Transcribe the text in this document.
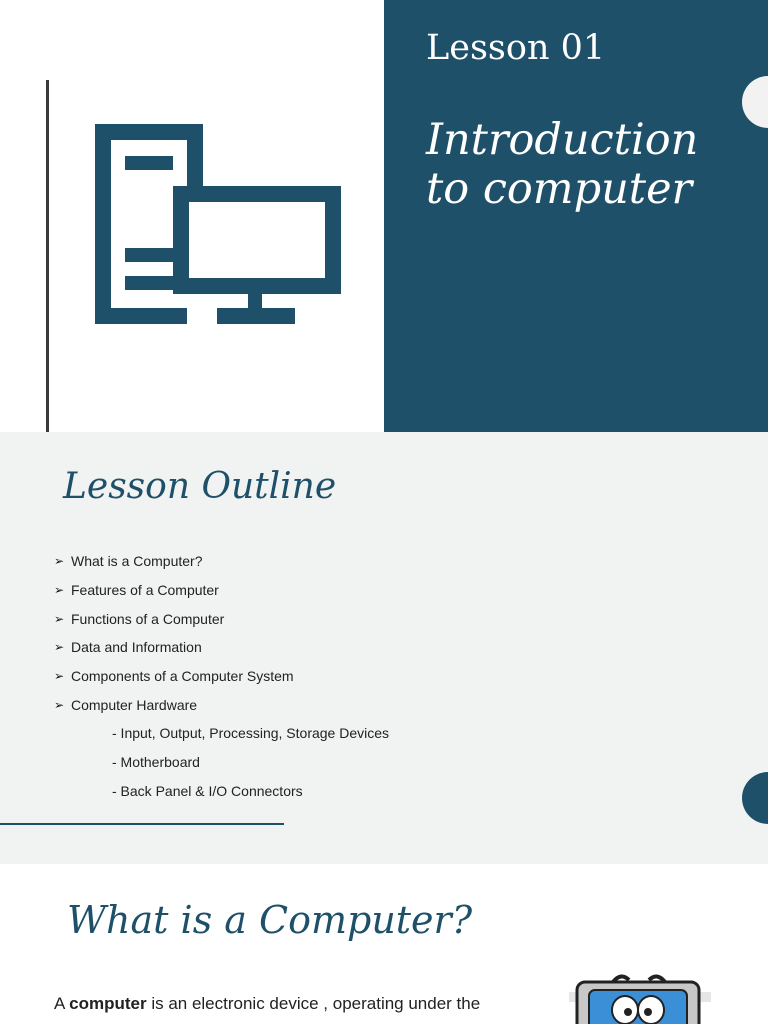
Lesson 01
Introduction
to computer
Lesson Outline
➢ What is a Computer?
➢ Features of a Computer
➢ Functions of a Computer
➢ Data and Information
➢ Components of a Computer System
➢ Computer Hardware
- Input, Output, Processing, Storage Devices
- Motherboard
- Back Panel & I/O Connectors
What is a Computer?

A computer is an electronic device , operating under the
